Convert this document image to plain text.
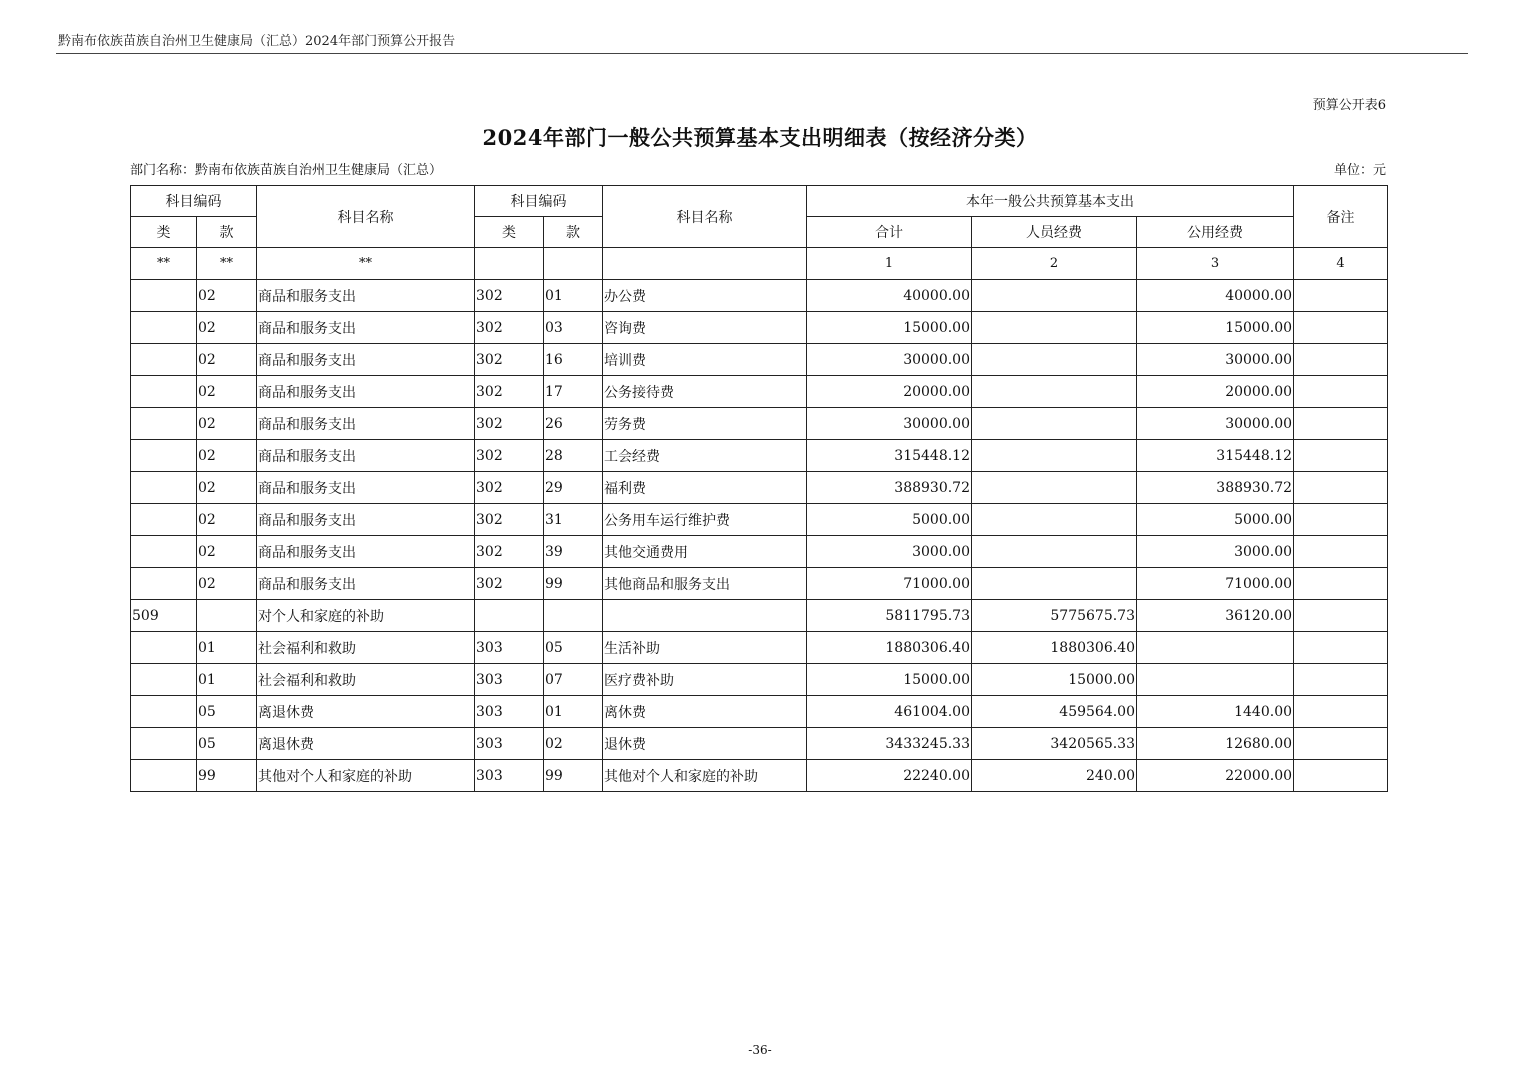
黔南布依族苗族自治州卫生健康局（汇总）2024年部门预算公开报告
预算公开表6
2024年部门一般公共预算基本支出明细表（按经济分类）
部门名称：黔南布依族苗族自治州卫生健康局（汇总）	单位：元
科目编码		科目名称	科目编码		科目名称	本年一般公共预算基本支出			备注
类	款		类	款		合计	人员经费	公用经费	
**	**	**				1	2	3	4
	02	商品和服务支出	302	01	办公费	40000.00		40000.00	
	02	商品和服务支出	302	03	咨询费	15000.00		15000.00	
	02	商品和服务支出	302	16	培训费	30000.00		30000.00	
	02	商品和服务支出	302	17	公务接待费	20000.00		20000.00	
	02	商品和服务支出	302	26	劳务费	30000.00		30000.00	
	02	商品和服务支出	302	28	工会经费	315448.12		315448.12	
	02	商品和服务支出	302	29	福利费	388930.72		388930.72	
	02	商品和服务支出	302	31	公务用车运行维护费	5000.00		5000.00	
	02	商品和服务支出	302	39	其他交通费用	3000.00		3000.00	
	02	商品和服务支出	302	99	其他商品和服务支出	71000.00		71000.00	
509		对个人和家庭的补助				5811795.73	5775675.73	36120.00	
	01	社会福利和救助	303	05	生活补助	1880306.40	1880306.40		
	01	社会福利和救助	303	07	医疗费补助	15000.00	15000.00		
	05	离退休费	303	01	离休费	461004.00	459564.00	1440.00	
	05	离退休费	303	02	退休费	3433245.33	3420565.33	12680.00	
	99	其他对个人和家庭的补助	303	99	其他对个人和家庭的补助	22240.00	240.00	22000.00	
-36-
